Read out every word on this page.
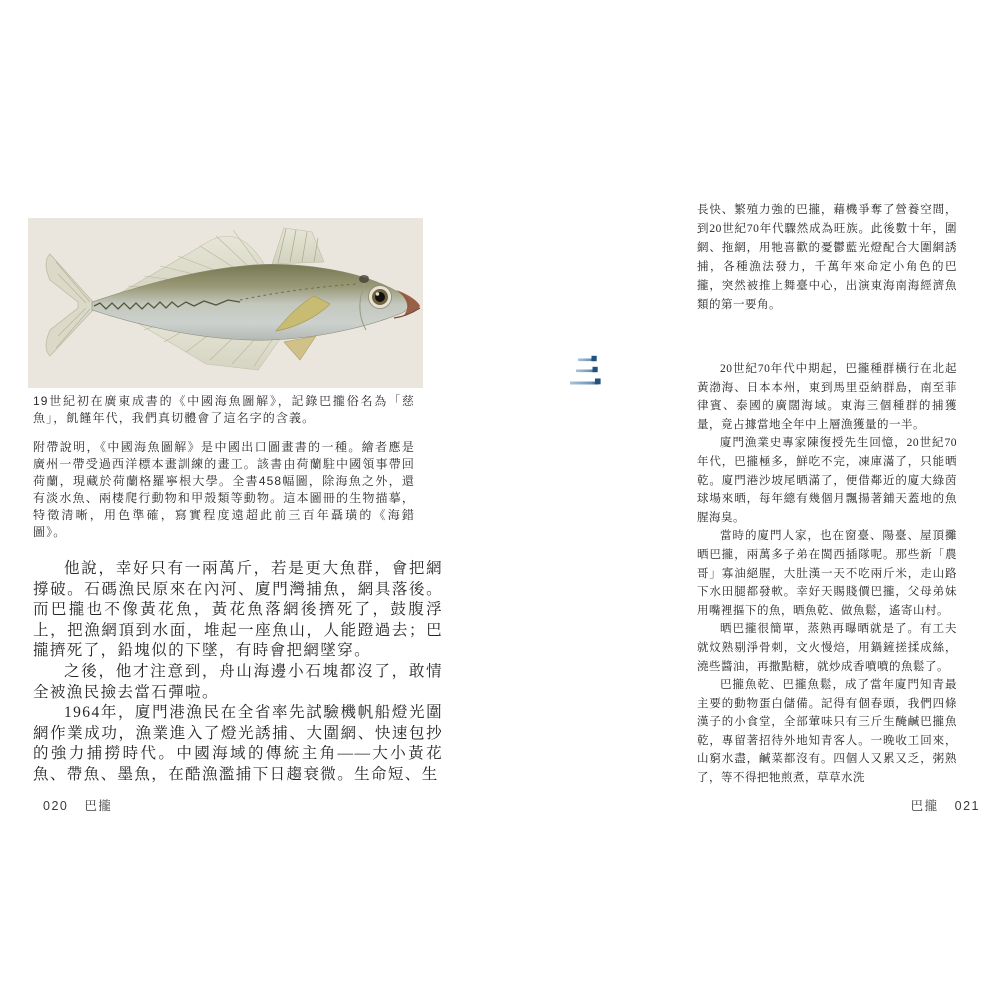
19世紀初在廣東成書的《中國海魚圖解》，記錄巴攏俗名為「慈魚」，飢饉年代，我們真切體會了這名字的含義。

附帶說明，《中國海魚圖解》是中國出口圖畫書的一種。繪者應是廣州一帶受過西洋標本畫訓練的畫工。該書由荷蘭駐中國領事帶回荷蘭，現藏於荷蘭格羅寧根大學。全書458幅圖，除海魚之外，還有淡水魚、兩棲爬行動物和甲殼類等動物。這本圖冊的生物描摹，特徵清晰，用色準確，寫實程度遠超此前三百年聶璜的《海錯圖》。

他說，幸好只有一兩萬斤，若是更大魚群，會把網撐破。石碼漁民原來在內河、廈門灣捕魚，網具落後。而巴攏也不像黃花魚，黃花魚落網後擠死了，鼓腹浮上，把漁網頂到水面，堆起一座魚山，人能蹬過去；巴攏擠死了，鉛塊似的下墜，有時會把網墜穿。

之後，他才注意到，舟山海邊小石塊都沒了，敢情全被漁民撿去當石彈啦。

1964年，廈門港漁民在全省率先試驗機帆船燈光圍網作業成功，漁業進入了燈光誘捕、大圍網、快速包抄的強力捕撈時代。中國海域的傳統主角——大小黃花魚、帶魚、墨魚，在酷漁濫捕下日趨衰微。生命短、生

020 巴攏

長快、繁殖力強的巴攏，藉機爭奪了營養空間，到20世紀70年代驟然成為旺族。此後數十年，圍網、拖網，用牠喜歡的憂鬱藍光燈配合大圍網誘捕，各種漁法發力，千萬年來命定小角色的巴攏，突然被推上舞臺中心，出演東海南海經濟魚類的第一要角。

20世紀70年代中期起，巴攏種群橫行在北起黃渤海、日本本州，東到馬里亞納群島，南至菲律賓、泰國的廣闊海域。東海三個種群的捕獲量，竟占據當地全年中上層漁獲量的一半。

廈門漁業史專家陳復授先生回憶，20世紀70年代，巴攏極多，鮮吃不完，凍庫滿了，只能晒乾。廈門港沙坡尾晒滿了，便借鄰近的廈大綠茵球場來晒，每年總有幾個月飄揚著鋪天蓋地的魚腥海臭。

當時的廈門人家，也在窗臺、陽臺、屋頂攤晒巴攏，兩萬多子弟在閩西插隊呢。那些新「農哥」寡油絕腥，大肚漢一天不吃兩斤米，走山路下水田腿都發軟。幸好天賜賤價巴攏，父母弟妹用嘴裡摳下的魚，晒魚乾、做魚鬆，遙寄山村。

晒巴攏很簡單，蒸熟再曝晒就是了。有工夫就炆熟剔淨骨刺，文火慢焙，用鍋鏟搓揉成絲，澆些醬油，再撒點糖，就炒成香噴噴的魚鬆了。

巴攏魚乾、巴攏魚鬆，成了當年廈門知青最主要的動物蛋白儲備。記得有個春頭，我們四條漢子的小食堂，全部葷味只有三斤生醃鹹巴攏魚乾，專留著招待外地知青客人。一晚收工回來，山窮水盡，鹹菜都沒有。四個人又累又乏，粥熟了，等不得把牠煎煮，草草水洗

巴攏 021
